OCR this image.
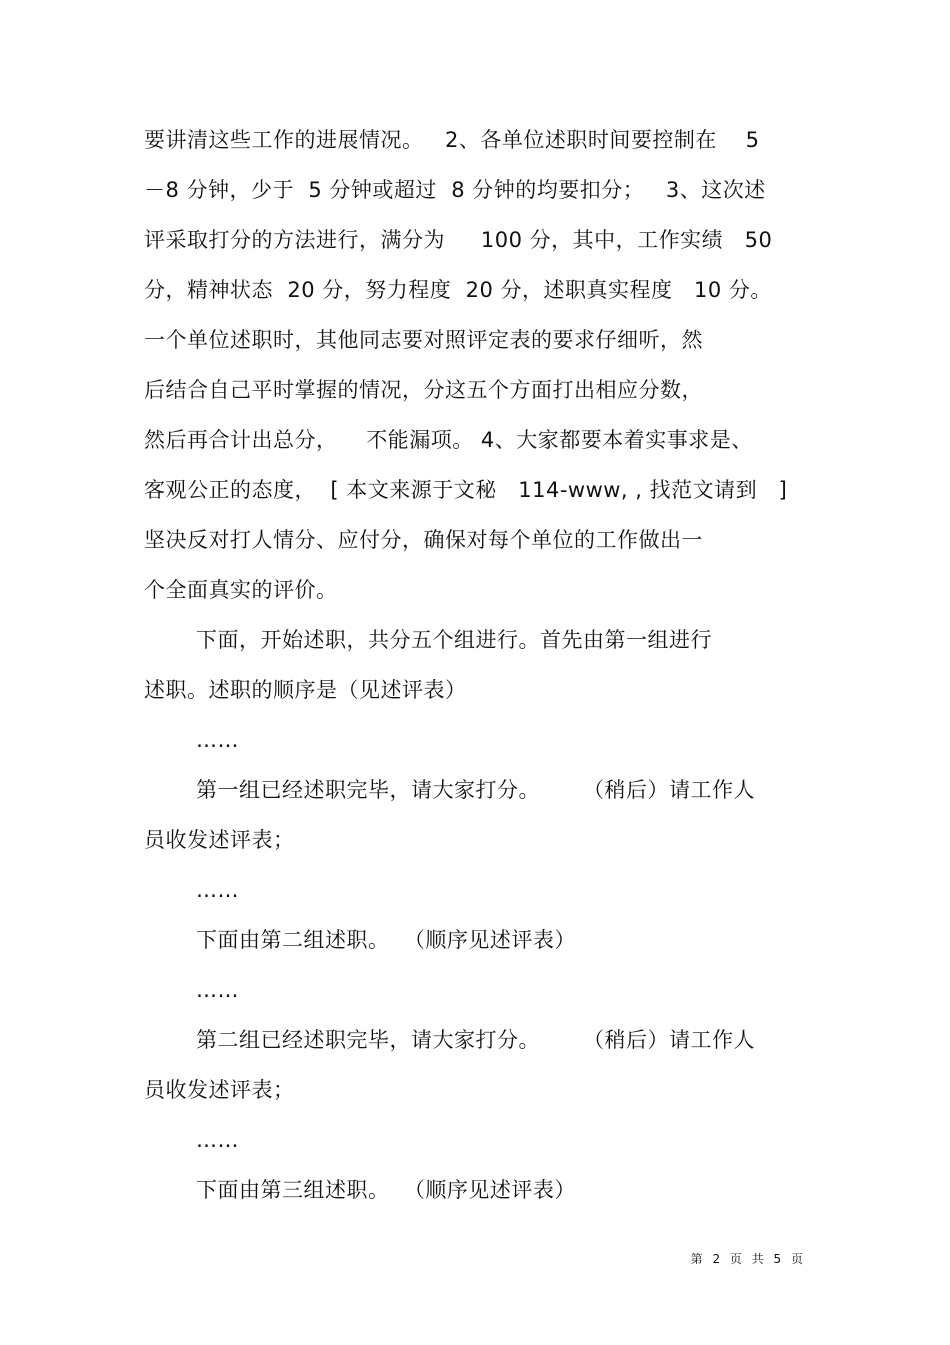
要讲清这些工作的进展情况。   2、各单位述职时间要控制在    5
－8 分钟，少于  5 分钟或超过  8 分钟的均要扣分；   3、这次述
评采取打分的方法进行，满分为     100 分，其中，工作实绩   50
分，精神状态  20 分，努力程度  20 分，述职真实程度   10 分。
一个单位述职时，其他同志要对照评定表的要求仔细听，然
后结合自己平时掌握的情况，分这五个方面打出相应分数，
然后再合计出总分，    不能漏项。 4、大家都要本着实事求是、
客观公正的态度，  [ 本文来源于文秘   114-www, , 找范文请到   ]
坚决反对打人情分、应付分，确保对每个单位的工作做出一
个全面真实的评价。
下面，开始述职，共分五个组进行。首先由第一组进行
述职。述职的顺序是（见述评表）
……
第一组已经述职完毕，请大家打分。      （稍后）请工作人
员收发述评表；
……
下面由第二组述职。  （顺序见述评表）
……
第二组已经述职完毕，请大家打分。      （稍后）请工作人
员收发述评表；
……
下面由第三组述职。  （顺序见述评表）
第 2 页 共 5 页
